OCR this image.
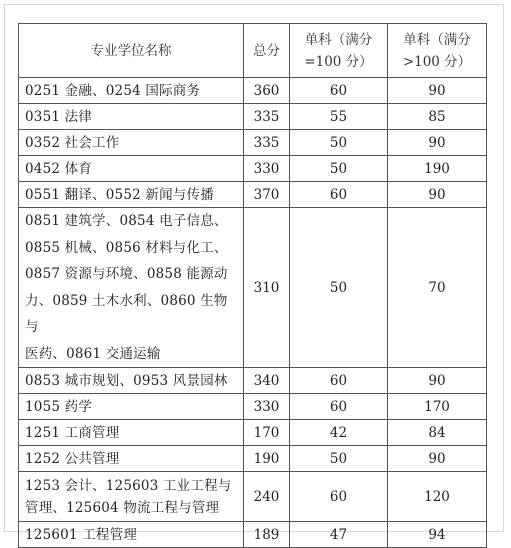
专业学位名称	总分	单科（满分
=100 分）	单科（满分
>100 分）

0251 金融、0254 国际商务	360	60	90

0351 法律	335	55	85

0352 社会工作	335	50	90

0452 体育	330	50	190

0551 翻译、0552 新闻与传播	370	60	90

0851 建筑学、0854 电子信息、
0855 机械、0856 材料与化工、
0857 资源与环境、0858 能源动
力、0859 土木水利、0860 生物与
医药、0861 交通运输	310	50	70

0853 城市规划、0953 风景园林	340	60	90

1055 药学	330	60	170

1251 工商管理	170	42	84

1252 公共管理	190	50	90

1253 会计、125603 工业工程与
管理、125604 物流工程与管理	240	60	120

125601 工程管理	189	47	94
